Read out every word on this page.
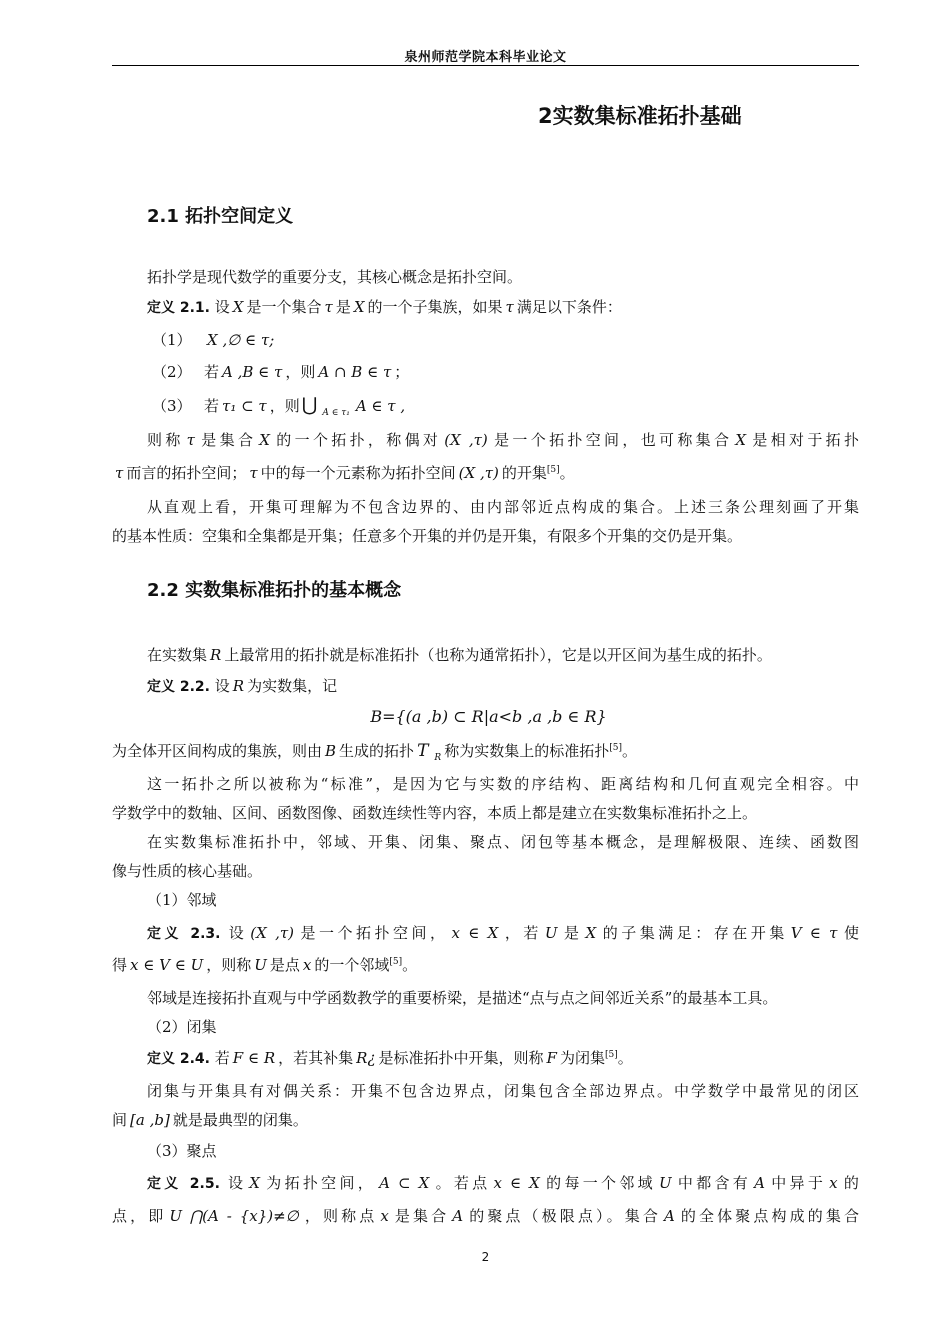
泉州师范学院本科毕业论文
2实数集标准拓扑基础
2.1 拓扑空间定义
拓扑学是现代数学的重要分支，其核心概念是拓扑空间。
定义 2.1. 设 X 是一个集合 τ 是 X 的一个子集族，如果 τ 满足以下条件：
（1） X ,∅ ∈ τ;
（2） 若 A ,B ∈ τ ，则 A ∩ B ∈ τ ；
（3） 若 τ₁ ⊂ τ ，则 ⋃ $_{A \in \tau_1}$ A ∈ τ ,
则称 τ 是集合 X 的一个拓扑，称偶对 (X ,τ) 是一个拓扑空间，也可称集合 X 是相对于拓扑
τ 而言的拓扑空间； τ 中的每一个元素称为拓扑空间 (X ,τ) 的开集[5]。
从直观上看，开集可理解为不包含边界的、由内部邻近点构成的集合。上述三条公理刻画了开集
的基本性质：空集和全集都是开集；任意多个开集的并仍是开集，有限多个开集的交仍是开集。
2.2 实数集标准拓扑的基本概念
在实数集 R 上最常用的拓扑就是标准拓扑（也称为通常拓扑），它是以开区间为基生成的拓扑。
定义 2.2. 设 R 为实数集，记
B={(a ,b) ⊂ R|a<b ,a ,b ∈ R}
为全体开区间构成的集族，则由 B 生成的拓扑 T $_R$ 称为实数集上的标准拓扑[5]。
这一拓扑之所以被称为“标准”，是因为它与实数的序结构、距离结构和几何直观完全相容。中
学数学中的数轴、区间、函数图像、函数连续性等内容，本质上都是建立在实数集标准拓扑之上。
在实数集标准拓扑中，邻域、开集、闭集、聚点、闭包等基本概念，是理解极限、连续、函数图
像与性质的核心基础。
（1）邻域
定义 2.3. 设 (X ,τ) 是一个拓扑空间， x ∈ X ，若 U 是 X 的子集满足：存在开集 V ∈ τ 使
得 x ∈ V ∈ U ，则称 U 是点 x 的一个邻域[5]。
邻域是连接拓扑直观与中学函数教学的重要桥梁，是描述“点与点之间邻近关系”的最基本工具。
（2）闭集
定义 2.4. 若 F ∈ R ，若其补集 R¿ 是标准拓扑中开集，则称 F 为闭集[5]。
闭集与开集具有对偶关系：开集不包含边界点，闭集包含全部边界点。中学数学中最常见的闭区
间 [a ,b] 就是最典型的闭集。
（3）聚点
定义 2.5. 设 X 为拓扑空间， A ⊂ X 。若点 x ∈ X 的每一个邻域 U 中都含有 A 中异于 x 的
点，即 U ⋂(A - {x})≠∅ ，则称点 x 是集合 A 的聚点（极限点）。集合 A 的全体聚点构成的集合
2
